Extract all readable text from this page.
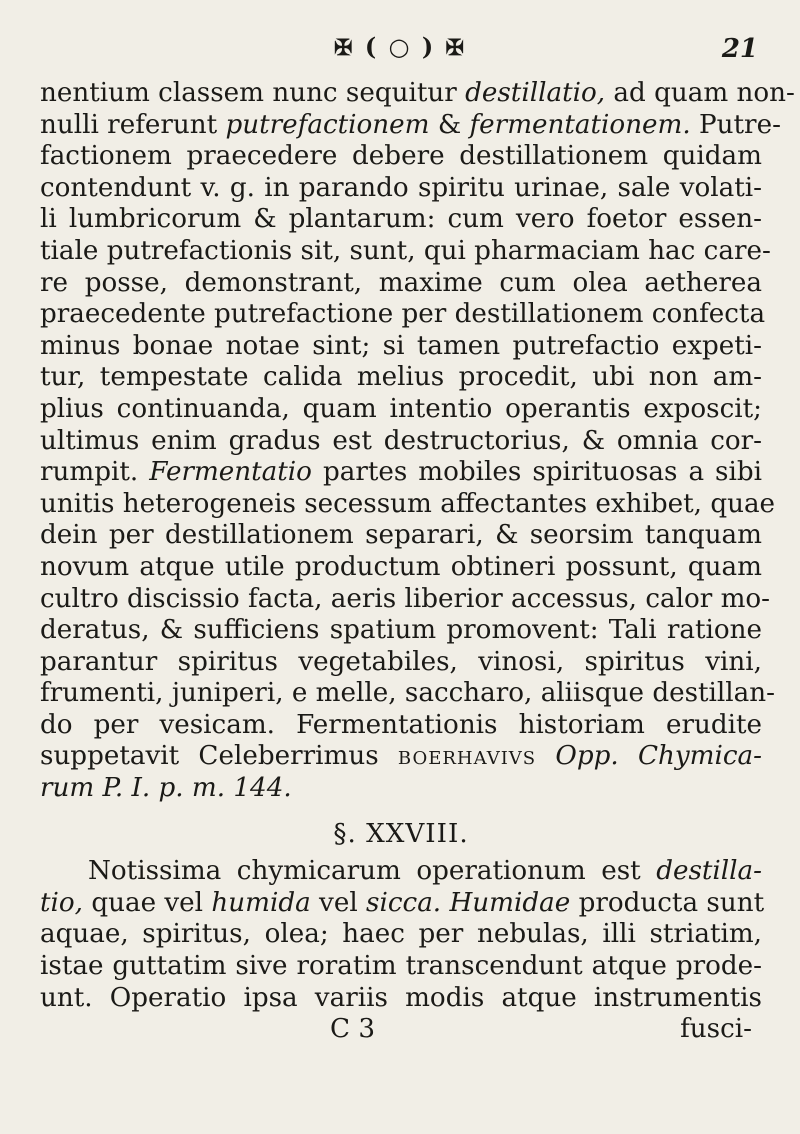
✠ ( ○ ) ✠	21
nentium classem nunc sequitur destillatio, ad quam non-
nulli referunt putrefactionem & fermentationem. Putre-
factionem praecedere debere destillationem quidam
contendunt v. g. in parando spiritu urinae, sale volati-
li lumbricorum & plantarum: cum vero foetor essen-
tiale putrefactionis sit, sunt, qui pharmaciam hac care-
re posse, demonstrant, maxime cum olea aetherea
praecedente putrefactione per destillationem confecta
minus bonae notae sint; si tamen putrefactio expeti-
tur, tempestate calida melius procedit, ubi non am-
plius continuanda, quam intentio operantis exposcit;
ultimus enim gradus est destructorius, & omnia cor-
rumpit. Fermentatio partes mobiles spirituosas a sibi
unitis heterogeneis secessum affectantes exhibet, quae
dein per destillationem separari, & seorsim tanquam
novum atque utile productum obtineri possunt, quam
cultro discissio facta, aeris liberior accessus, calor mo-
deratus, & sufficiens spatium promovent: Tali ratione
parantur spiritus vegetabiles, vinosi, spiritus vini,
frumenti, juniperi, e melle, saccharo, aliisque destillan-
do per vesicam. Fermentationis historiam erudite
suppetavit Celeberrimus boerhavivs Opp. Chymica-
rum P. I. p. m. 144.
§. XXVIII.
Notissima chymicarum operationum est destilla-
tio, quae vel humida vel sicca. Humidae producta sunt
aquae, spiritus, olea; haec per nebulas, illi striatim,
istae guttatim sive roratim transcendunt atque prode-
unt. Operatio ipsa variis modis atque instrumentis
C 3	fusci-
